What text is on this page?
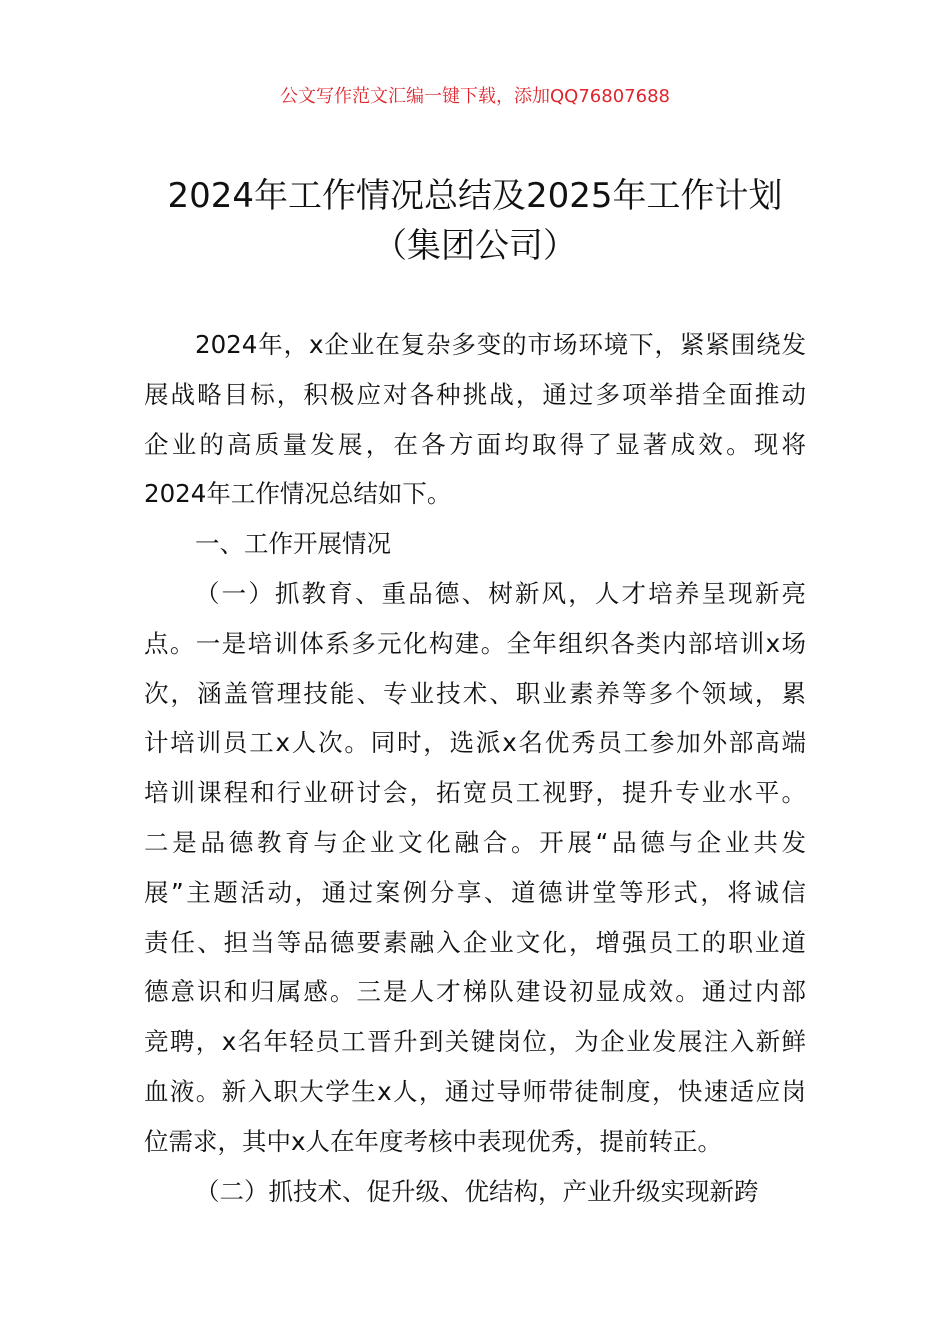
公文写作范文汇编一键下载，添加QQ76807688
2024年工作情况总结及2025年工作计划
（集团公司）
2024年，x企业在复杂多变的市场环境下，紧紧围绕发
展战略目标，积极应对各种挑战，通过多项举措全面推动
企业的高质量发展，在各方面均取得了显著成效。现将
2024年工作情况总结如下。
一、工作开展情况
（一）抓教育、重品德、树新风，人才培养呈现新亮
点。一是培训体系多元化构建。全年组织各类内部培训x场
次，涵盖管理技能、专业技术、职业素养等多个领域，累
计培训员工x人次。同时，选派x名优秀员工参加外部高端
培训课程和行业研讨会，拓宽员工视野，提升专业水平。
二是品德教育与企业文化融合。开展“品德与企业共发
展”主题活动，通过案例分享、道德讲堂等形式，将诚信
责任、担当等品德要素融入企业文化，增强员工的职业道
德意识和归属感。三是人才梯队建设初显成效。通过内部
竞聘，x名年轻员工晋升到关键岗位，为企业发展注入新鲜
血液。新入职大学生x人，通过导师带徒制度，快速适应岗
位需求，其中x人在年度考核中表现优秀，提前转正。
（二）抓技术、促升级、优结构，产业升级实现新跨
